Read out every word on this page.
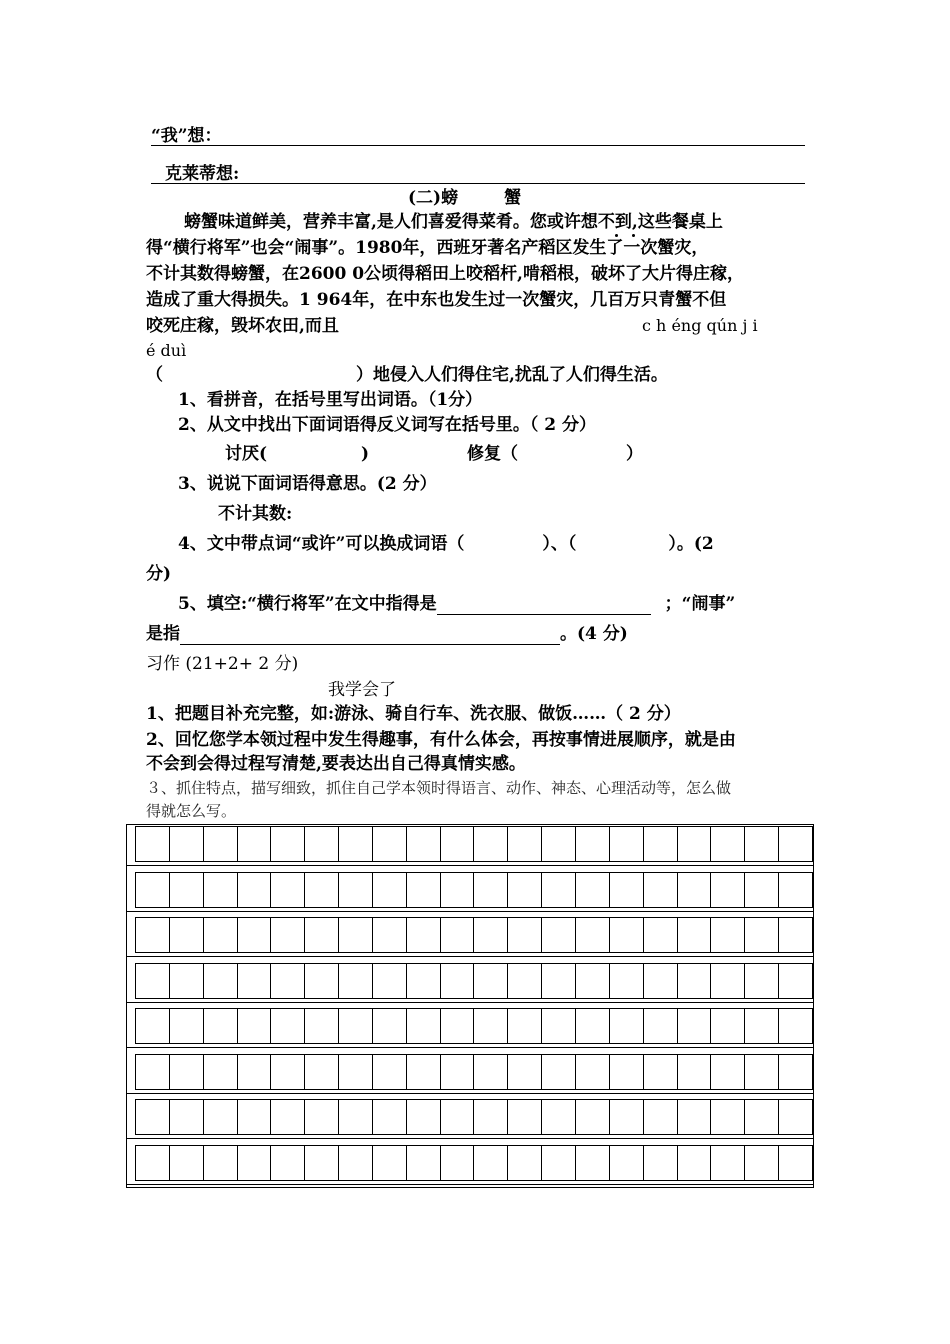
“我”想：
克莱蒂想:
(二)螃	蟹
螃蟹味道鲜美，营养丰富,是人们喜爱得菜肴。您或许想不到,这些餐桌上
得“横行将军”也会“闹事”。1980年，西班牙著名产稻区发生了一次蟹灾，
不计其数得螃蟹，在2600 0公顷得稻田上咬稻杆,啃稻根，破坏了大片得庄稼，
造成了重大得损失。1 964年，在中东也发生过一次蟹灾，几百万只青蟹不但
咬死庄稼，毁坏农田,而且	c h éng qún j i
é duì
（	）地侵入人们得住宅,扰乱了人们得生活。
1、看拼音，在括号里写出词语。（1分）
2、从文中找出下面词语得反义词写在括号里。（ 2 分）
讨厌(	)	修复（	）
3、说说下面词语得意思。(2 分）
不计其数:
4、文中带点词“或许”可以换成词语（	）、（	）。(2
分)
5、填空:“横行将军”在文中指得是	；“闹事”
是指	。(4 分)
习作 (21+2+ 2 分)
我学会了
1、把题目补充完整，如:游泳、骑自行车、洗衣服、做饭……（ 2 分）
2、回忆您学本领过程中发生得趣事，有什么体会，再按事情进展顺序，就是由
不会到会得过程写清楚,要表达出自己得真情实感。
３、抓住特点，描写细致，抓住自己学本领时得语言、动作、神态、心理活动等，怎么做
得就怎么写。
